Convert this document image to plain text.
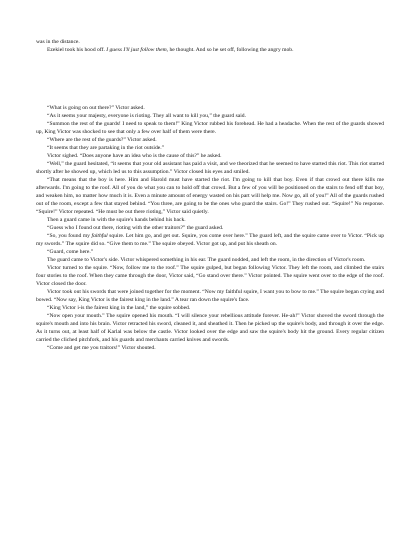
was in the distance.

Ezekiel took his hood off. I guess I'll just follow them, he thought. And so he set off, following the angry mob.

“What is going on out there?” Victor asked.

“As it seems your majesty, everyone is rioting. They all want to kill you,” the guard said.

“Summon the rest of the guards! I need to speak to them!” King Victor rubbed his forehead. He had a headache. When the rest of the guards showed up, King Victor was shocked to see that only a few over half of them were there.

“Where are the rest of the guards?” Victor asked.

“It seems that they are partaking in the riot outside.”

Victor sighed. “Does anyone have an idea who is the cause of this?” he asked.

“Well,” the guard hesitated, “it seems that your old assistant has paid a visit, and we theorized that he seemed to have started this riot. This riot started shortly after he showed up, which led us to this assumption.” Victor closed his eyes and smiled.

“That means that the boy is here. Him and Harold must have started the riot. I'm going to kill that boy. Even if that crowd out there kills me afterwards. I'm going to the roof. All of you do what you can to hold off that crowd. But a few of you will be positioned on the stairs to fend off that boy, and weaken him, no matter how much it is. Even a minute amount of energy wasted on his part will help me. Now go, all of you!” All of the guards rushed out of the room, except a few that stayed behind. “You three, are going to be the ones who guard the stairs. Go!” They rushed out. “Squire!” No response. “Squire!” Victor repeated. “He must be out there rioting,” Victor said quietly.

Then a guard came in with the squire's hands behind his back.

“Guess who I found out there, rioting with the other traitors?” the guard asked.

“So, you found my faithful squire. Let him go, and get out. Squire, you come over here.” The guard left, and the squire came over to Victor. “Pick up my swords.” The squire did so. “Give them to me.” The squire obeyed. Victor got up, and put his sheath on.

“Guard, come here.”

The guard came to Victor's side. Victor whispered something in his ear. The guard nodded, and left the room, in the direction of Victor's room.

Victor turned to the squire. “Now, follow me to the roof.” The squire gulped, but began following Victor. They left the room, and climbed the stairs four stories to the roof. When they came through the door, Victor said, “Go stand over there.” Victor pointed. The squire went over to the edge of the roof. Victor closed the door.

Victor took out his swords that were joined together for the moment. “Now my faithful squire, I want you to bow to me.” The squire began crying and bowed. “Now say, King Victor is the fairest king in the land.” A tear ran down the squire's face.

“King Victor i-is the fairest king in the land,” the squire sobbed.

“Now open your mouth.” The squire opened his mouth. “I will silence your rebellious attitude forever. He-ah!” Victor shoved the sword through the squire's mouth and into his brain. Victor retracted his sword, cleaned it, and sheathed it. Then he picked up the squire's body, and through it over the edge. As it turns out, at least half of Karlal was below the castle. Victor looked over the edge and saw the squire's body hit the ground. Every regular citizen carried the cliched pitchfork, and his guards and merchants carried knives and swords.

“Come and get me you traitors!” Victor shouted.
